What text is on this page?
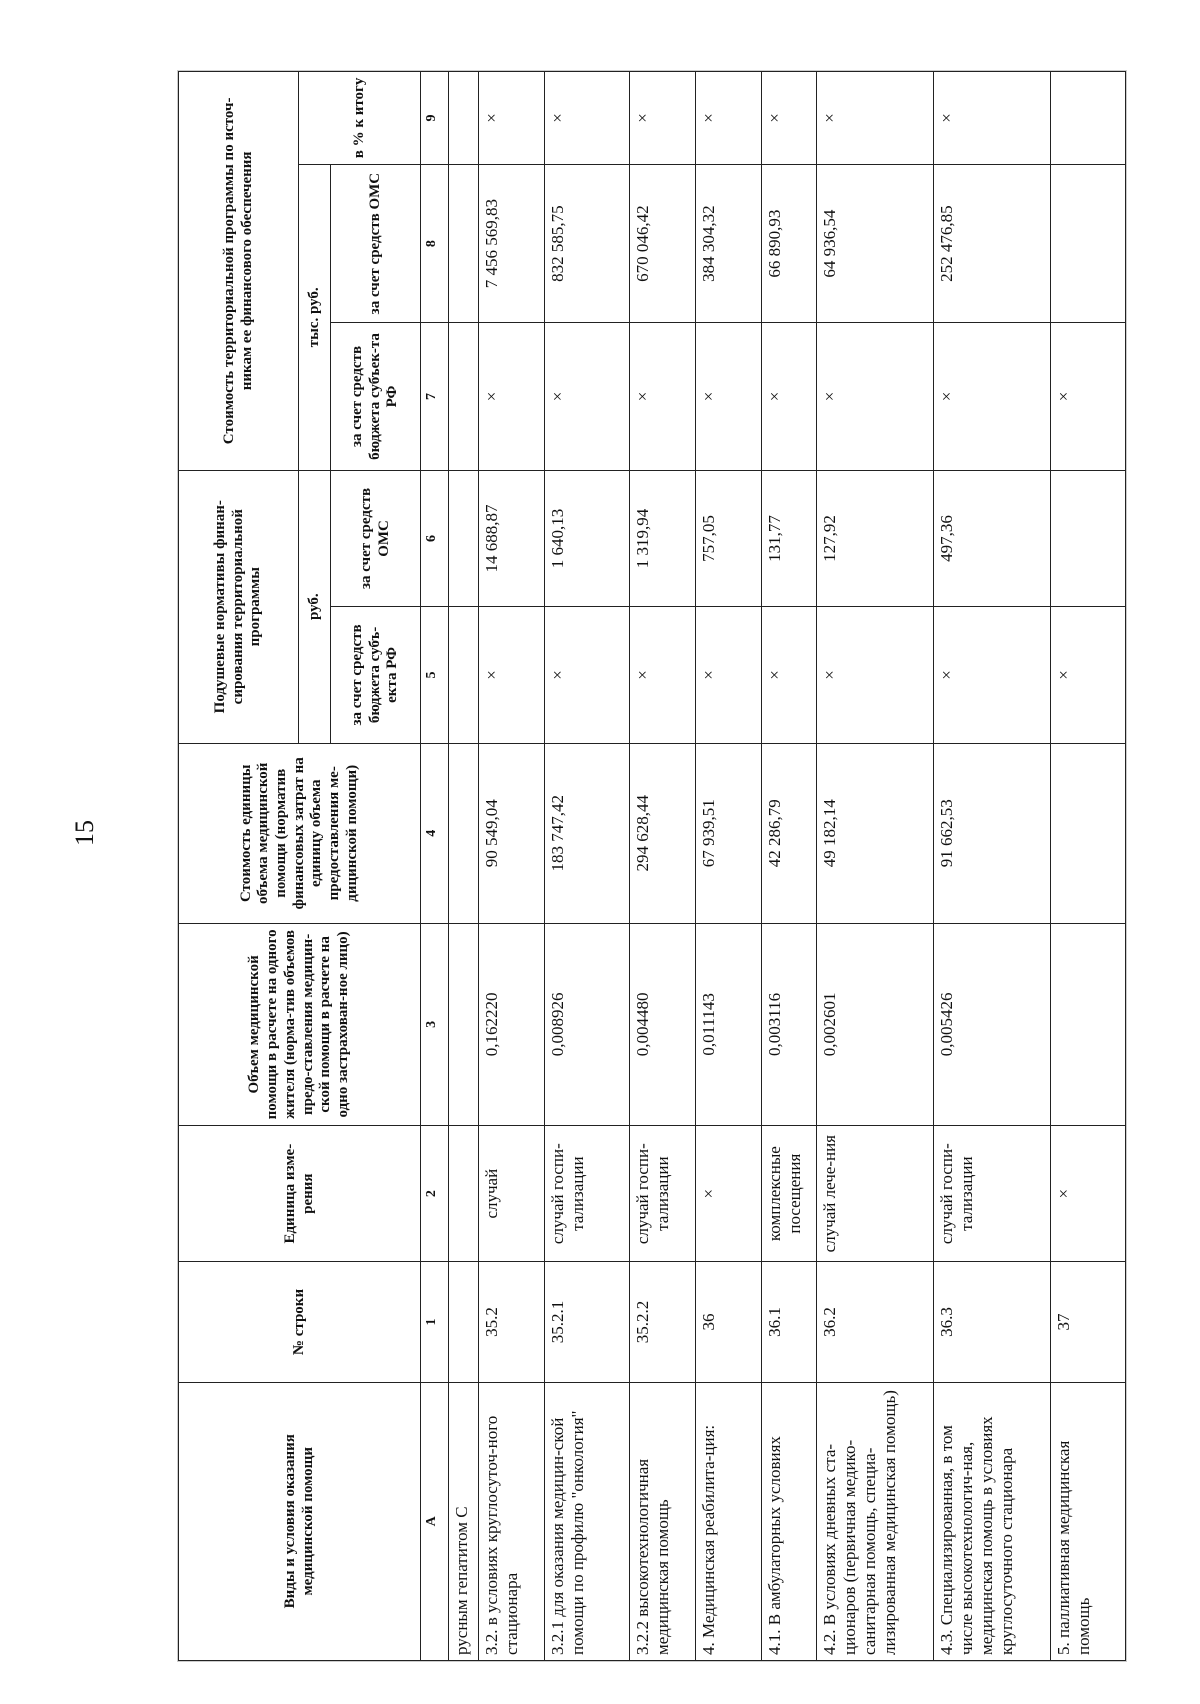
15
Виды и условия оказания медицинской помощи	№ строки	Единица изме-рения	Объем медицинской помощи в расчете на одного жителя (норма-тив объемов предо-ставления медицин-ской помощи в расчете на одно застрахован-ное лицо)	Стоимость единицы объема медицинской помощи (норматив финансовых затрат на единицу объема предоставления ме-дицинской помощи)	Подушевые нормативы финан-сирования территориальной программы		Стоимость территориальной программы по источ-никам ее финансового обеспечения		
					руб.		тыс. руб.		в % к итогу
					за счет средств бюджета субъ-екта РФ	за счет средств ОМС	за счет средств бюджета субъек-та РФ	за счет средств ОМС	
А	1	2	3	4	5	6	7	8	9
русным гепатитом С									
3.2. в условиях круглосуточ-ного стационара	35.2	случай	0,162220	90 549,04	×	14 688,87	×	7 456 569,83	×
3.2.1 для оказания медицин-ской помощи по профилю "онкология"	35.2.1	случай госпи-тализации	0,008926	183 747,42	×	1 640,13	×	832 585,75	×
3.2.2 высокотехнологичная медицинская помощь	35.2.2	случай госпи-тализации	0,004480	294 628,44	×	1 319,94	×	670 046,42	×
4. Медицинская реабилита-ция:	36	×	0,011143	67 939,51	×	757,05	×	384 304,32	×
4.1. В амбулаторных условиях	36.1	комплексные посещения	0,003116	42 286,79	×	131,77	×	66 890,93	×
4.2. В условиях дневных ста-ционаров (первичная медико-санитарная помощь, специа-лизированная медицинская помощь)	36.2	случай лече-ния	0,002601	49 182,14	×	127,92	×	64 936,54	×
4.3. Специализированная, в том числе высокотехнологич-ная, медицинская помощь в условиях круглосуточного стационара	36.3	случай госпи-тализации	0,005426	91 662,53	×	497,36	×	252 476,85	×
5. паллиативная медицинская помощь	37	×			×		×		
